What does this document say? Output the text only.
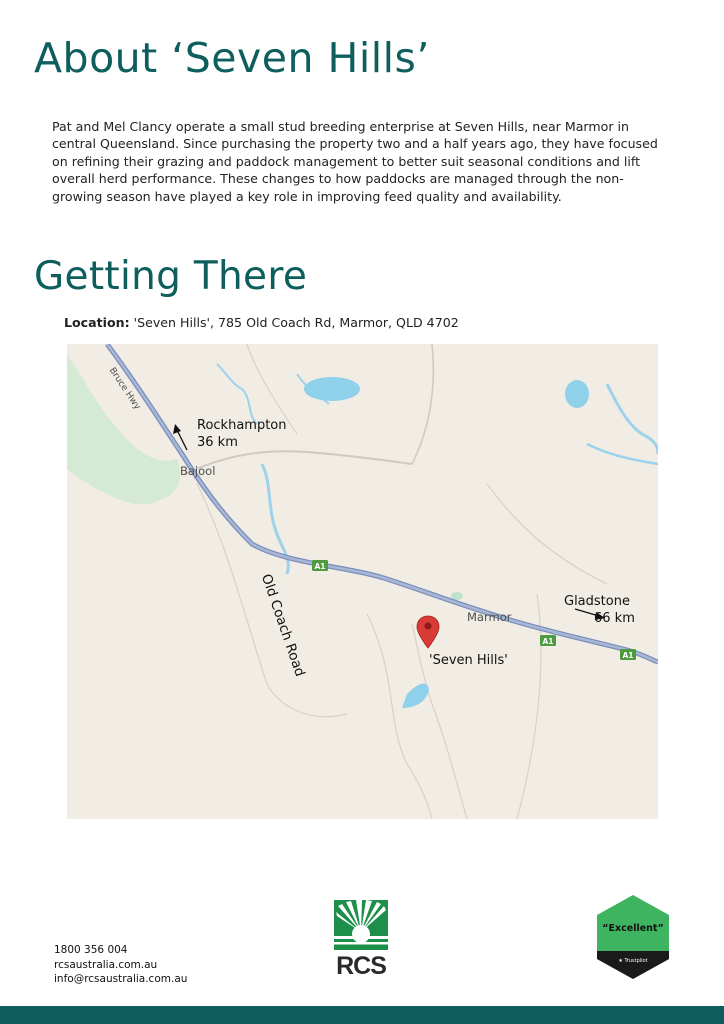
About ‘Seven Hills’

Pat and Mel Clancy operate a small stud breeding enterprise at Seven Hills, near Marmor in central Queensland. Since purchasing the property two and a half years ago, they have focused on refining their grazing and paddock management to better suit seasonal conditions and lift overall herd performance. These changes to how paddocks are managed through the non-growing season have played a key role in improving feed quality and availability.

Getting There

Location: 'Seven Hills', 785 Old Coach Rd, Marmor, QLD 4702

A1
A1
A1
Bruce Hwy
Rockhampton
36 km
Bajool
Old Coach Road	Marmor
Gladstone
66 km
'Seven Hills'
1800 356 004
rcsaustralia.com.au
info@rcsaustralia.com.au	RCS
“Excellent”
★ Trustpilot
